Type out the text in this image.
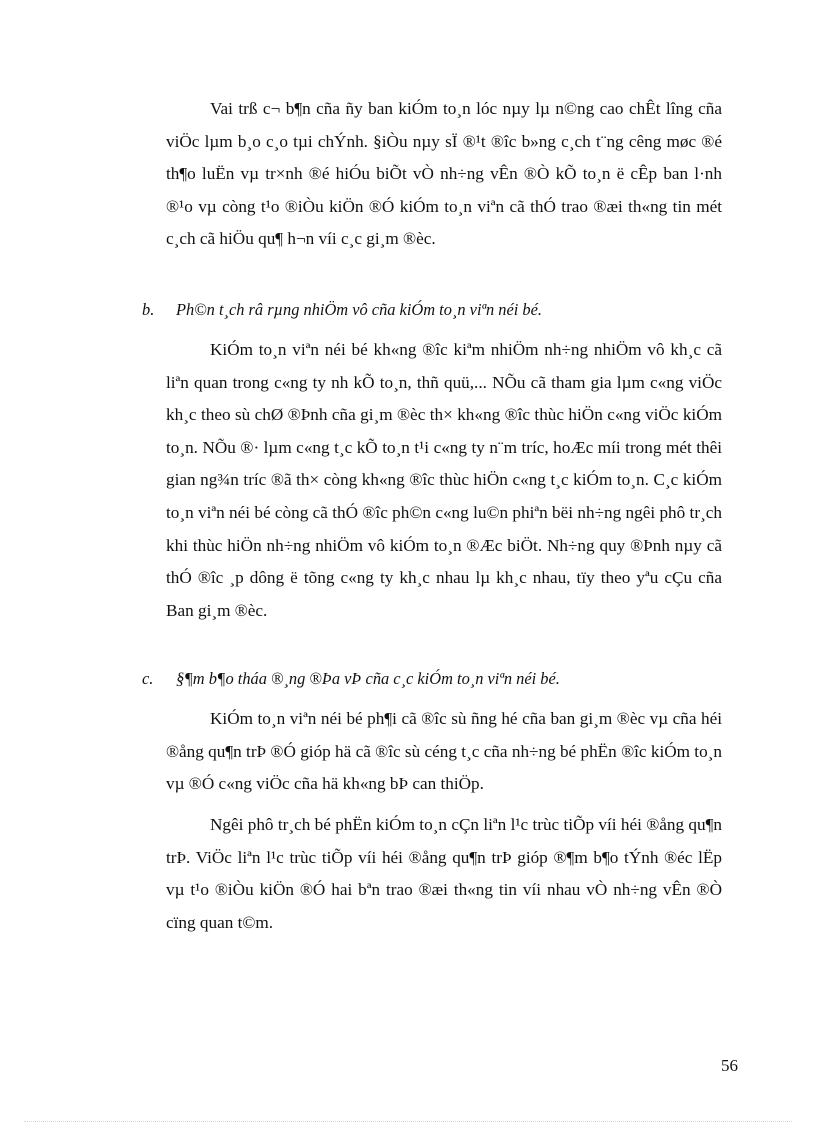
Vai trß c¬ b¶n cña ñy ban kiÓm to¸n lóc nµy lµ n©ng cao chÊt lîng cña viÖc lµm b¸o c¸o tµi chÝnh. §iÒu nµy sÏ ®¹t ®îc b»ng c¸ch t¨ng cêng møc ®é th¶o luËn vµ tr×nh ®é hiÓu biÕt vÒ nh÷ng vÊn ®Ò kÕ to¸n ë cÊp ban l·nh ®¹o vµ còng t¹o ®iÒu kiÖn ®Ó kiÓm to¸n viªn cã thÓ trao ®æi th«ng tin mét c¸ch cã hiÖu qu¶ h¬n víi c¸c gi¸m ®èc.

b. Ph©n t¸ch râ rµng nhiÖm vô cña kiÓm to¸n viªn néi bé.

KiÓm to¸n viªn néi bé kh«ng ®îc kiªm nhiÖm nh÷ng nhiÖm vô kh¸c cã liªn quan trong c«ng ty nh kÕ to¸n, thñ quü,... NÕu cã tham gia lµm c«ng viÖc kh¸c theo sù chØ ®Þnh cña gi¸m ®èc th× kh«ng ®îc thùc hiÖn c«ng viÖc kiÓm to¸n. NÕu ®· lµm c«ng t¸c kÕ to¸n t¹i c«ng ty n¨m tríc, hoÆc míi trong mét thêi gian ng¾n tríc ®ã th× còng kh«ng ®îc thùc hiÖn c«ng t¸c kiÓm to¸n. C¸c kiÓm to¸n viªn néi bé còng cã thÓ ®îc ph©n c«ng lu©n phiªn bëi nh÷ng ngêi phô tr¸ch khi thùc hiÖn nh÷ng nhiÖm vô kiÓm to¸n ®Æc biÖt. Nh÷ng quy ®Þnh nµy cã thÓ ®îc ¸p dông ë tõng c«ng ty kh¸c nhau lµ kh¸c nhau, tïy theo yªu cÇu cña Ban gi¸m ®èc.

c. §¶m b¶o tháa ®¸ng ®Þa vÞ cña c¸c kiÓm to¸n viªn néi bé.

KiÓm to¸n viªn néi bé ph¶i cã ®îc sù ñng hé cña ban gi¸m ®èc vµ cña héi ®ång qu¶n trÞ ®Ó gióp hä cã ®îc sù céng t¸c cña nh÷ng bé phËn ®îc kiÓm to¸n vµ ®Ó c«ng viÖc cña hä kh«ng bÞ can thiÖp.

Ngêi phô tr¸ch bé phËn kiÓm to¸n cÇn liªn l¹c trùc tiÕp víi héi ®ång qu¶n trÞ. ViÖc liªn l¹c trùc tiÕp víi héi ®ång qu¶n trÞ gióp ®¶m b¶o tÝnh ®éc lËp vµ t¹o ®iÒu kiÖn ®Ó hai bªn trao ®æi th«ng tin víi nhau vÒ nh÷ng vÊn ®Ò cïng quan t©m.

56
